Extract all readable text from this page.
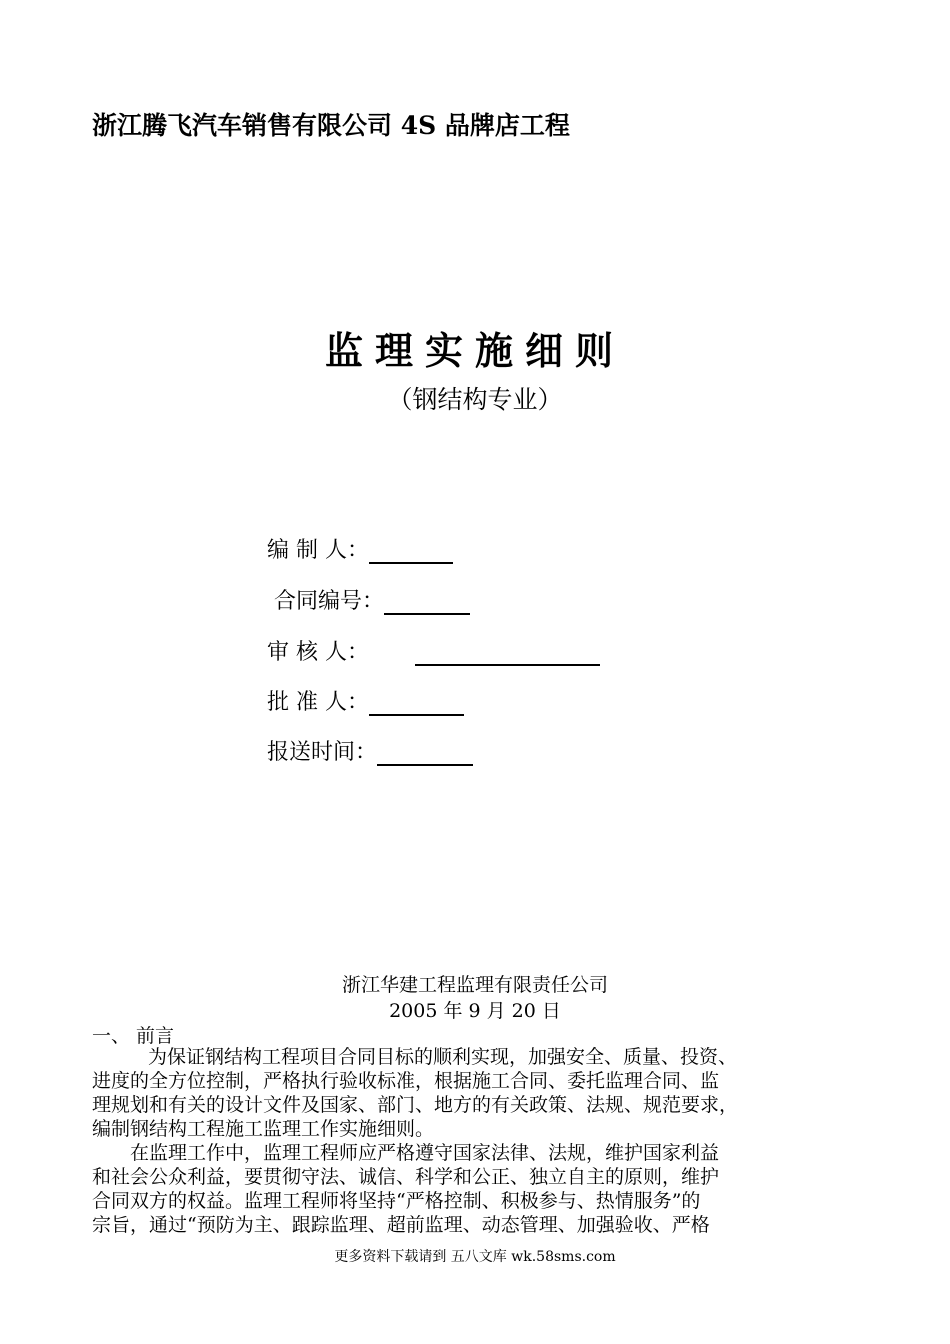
浙江腾飞汽车销售有限公司 4S 品牌店工程
监理实施细则
（钢结构专业）
编 制 人：
合同编号：
审 核 人：
批 准 人：
报送时间：
浙江华建工程监理有限责任公司
2005 年 9 月 20 日
一、 前言
为保证钢结构工程项目合同目标的顺利实现，加强安全、质量、投资、
进度的全方位控制，严格执行验收标准，根据施工合同、委托监理合同、监
理规划和有关的设计文件及国家、部门、地方的有关政策、法规、规范要求，
编制钢结构工程施工监理工作实施细则。
在监理工作中，监理工程师应严格遵守国家法律、法规，维护国家利益
和社会公众利益，要贯彻守法、诚信、科学和公正、独立自主的原则，维护
合同双方的权益。监理工程师将坚持“严格控制、积极参与、热情服务”的
宗旨，通过“预防为主、跟踪监理、超前监理、动态管理、加强验收、严格
更多资料下载请到 五八文库 wk.58sms.com
